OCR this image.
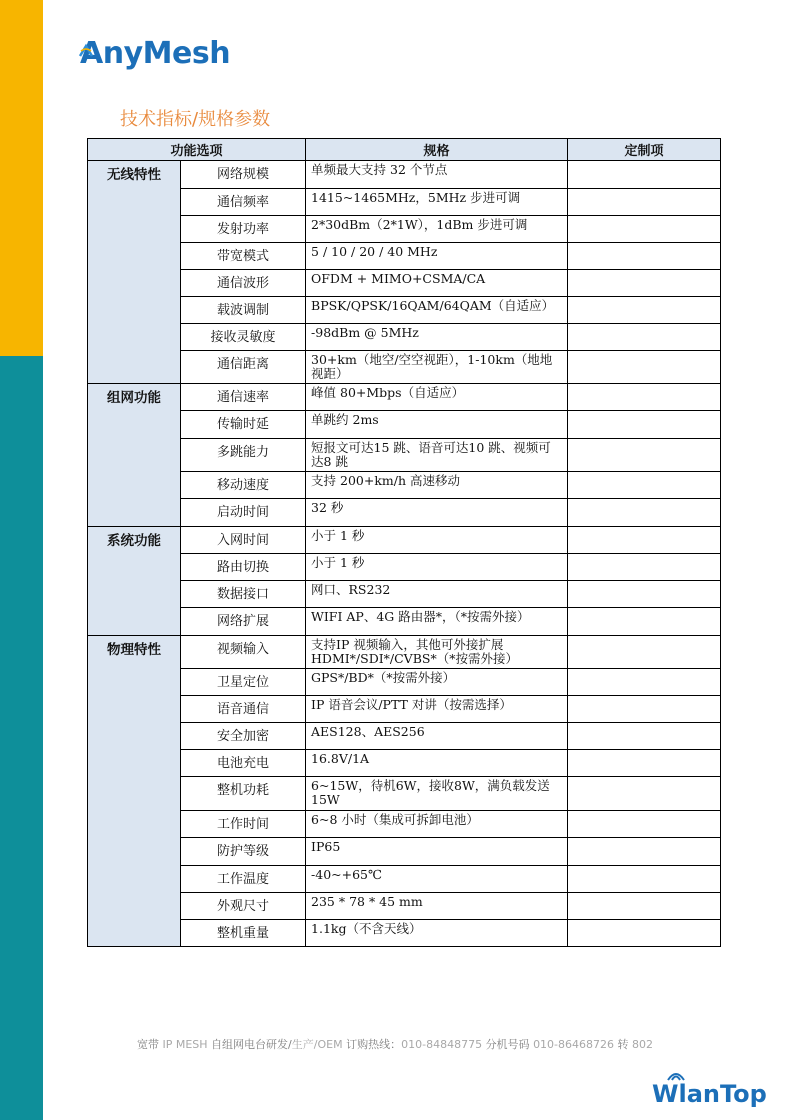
AnyMesh
技术指标/规格参数
功能选项		规格	定制项
无线特性	网络规模	单频最大支持 32 个节点	
	通信频率	1415~1465MHz，5MHz 步进可调	
	发射功率	2*30dBm（2*1W），1dBm 步进可调	
	带宽模式	5 / 10 / 20 / 40 MHz	
	通信波形	OFDM + MIMO+CSMA/CA	
	载波调制	BPSK/QPSK/16QAM/64QAM（自适应）	
	接收灵敏度	-98dBm @ 5MHz	
	通信距离	30+km（地空/空空视距），1-10km（地地视距）	
组网功能	通信速率	峰值 80+Mbps（自适应）	
	传输时延	单跳约 2ms	
	多跳能力	短报文可达15 跳、语音可达10 跳、视频可达8 跳	
	移动速度	支持 200+km/h 高速移动	
	启动时间	32 秒	
系统功能	入网时间	小于 1 秒	
	路由切换	小于 1 秒	
	数据接口	网口、RS232	
	网络扩展	WIFI AP、4G 路由器*，（*按需外接）	
物理特性	视频输入	支持IP 视频输入，其他可外接扩展 HDMI*/SDI*/CVBS*（*按需外接）	
	卫星定位	GPS*/BD*（*按需外接）	
	语音通信	IP 语音会议/PTT 对讲（按需选择）	
	安全加密	AES128、AES256	
	电池充电	16.8V/1A	
	整机功耗	6~15W，待机6W，接收8W，满负载发送15W	
	工作时间	6~8 小时（集成可拆卸电池）	
	防护等级	IP65	
	工作温度	-40~+65℃	
	外观尺寸	235 * 78 * 45 mm	
	整机重量	1.1kg（不含天线）	
宽带 IP MESH 自组网电台研发/生产/OEM 订购热线：010-84848775 分机号码 010-86468726 转 802
WlanTop
